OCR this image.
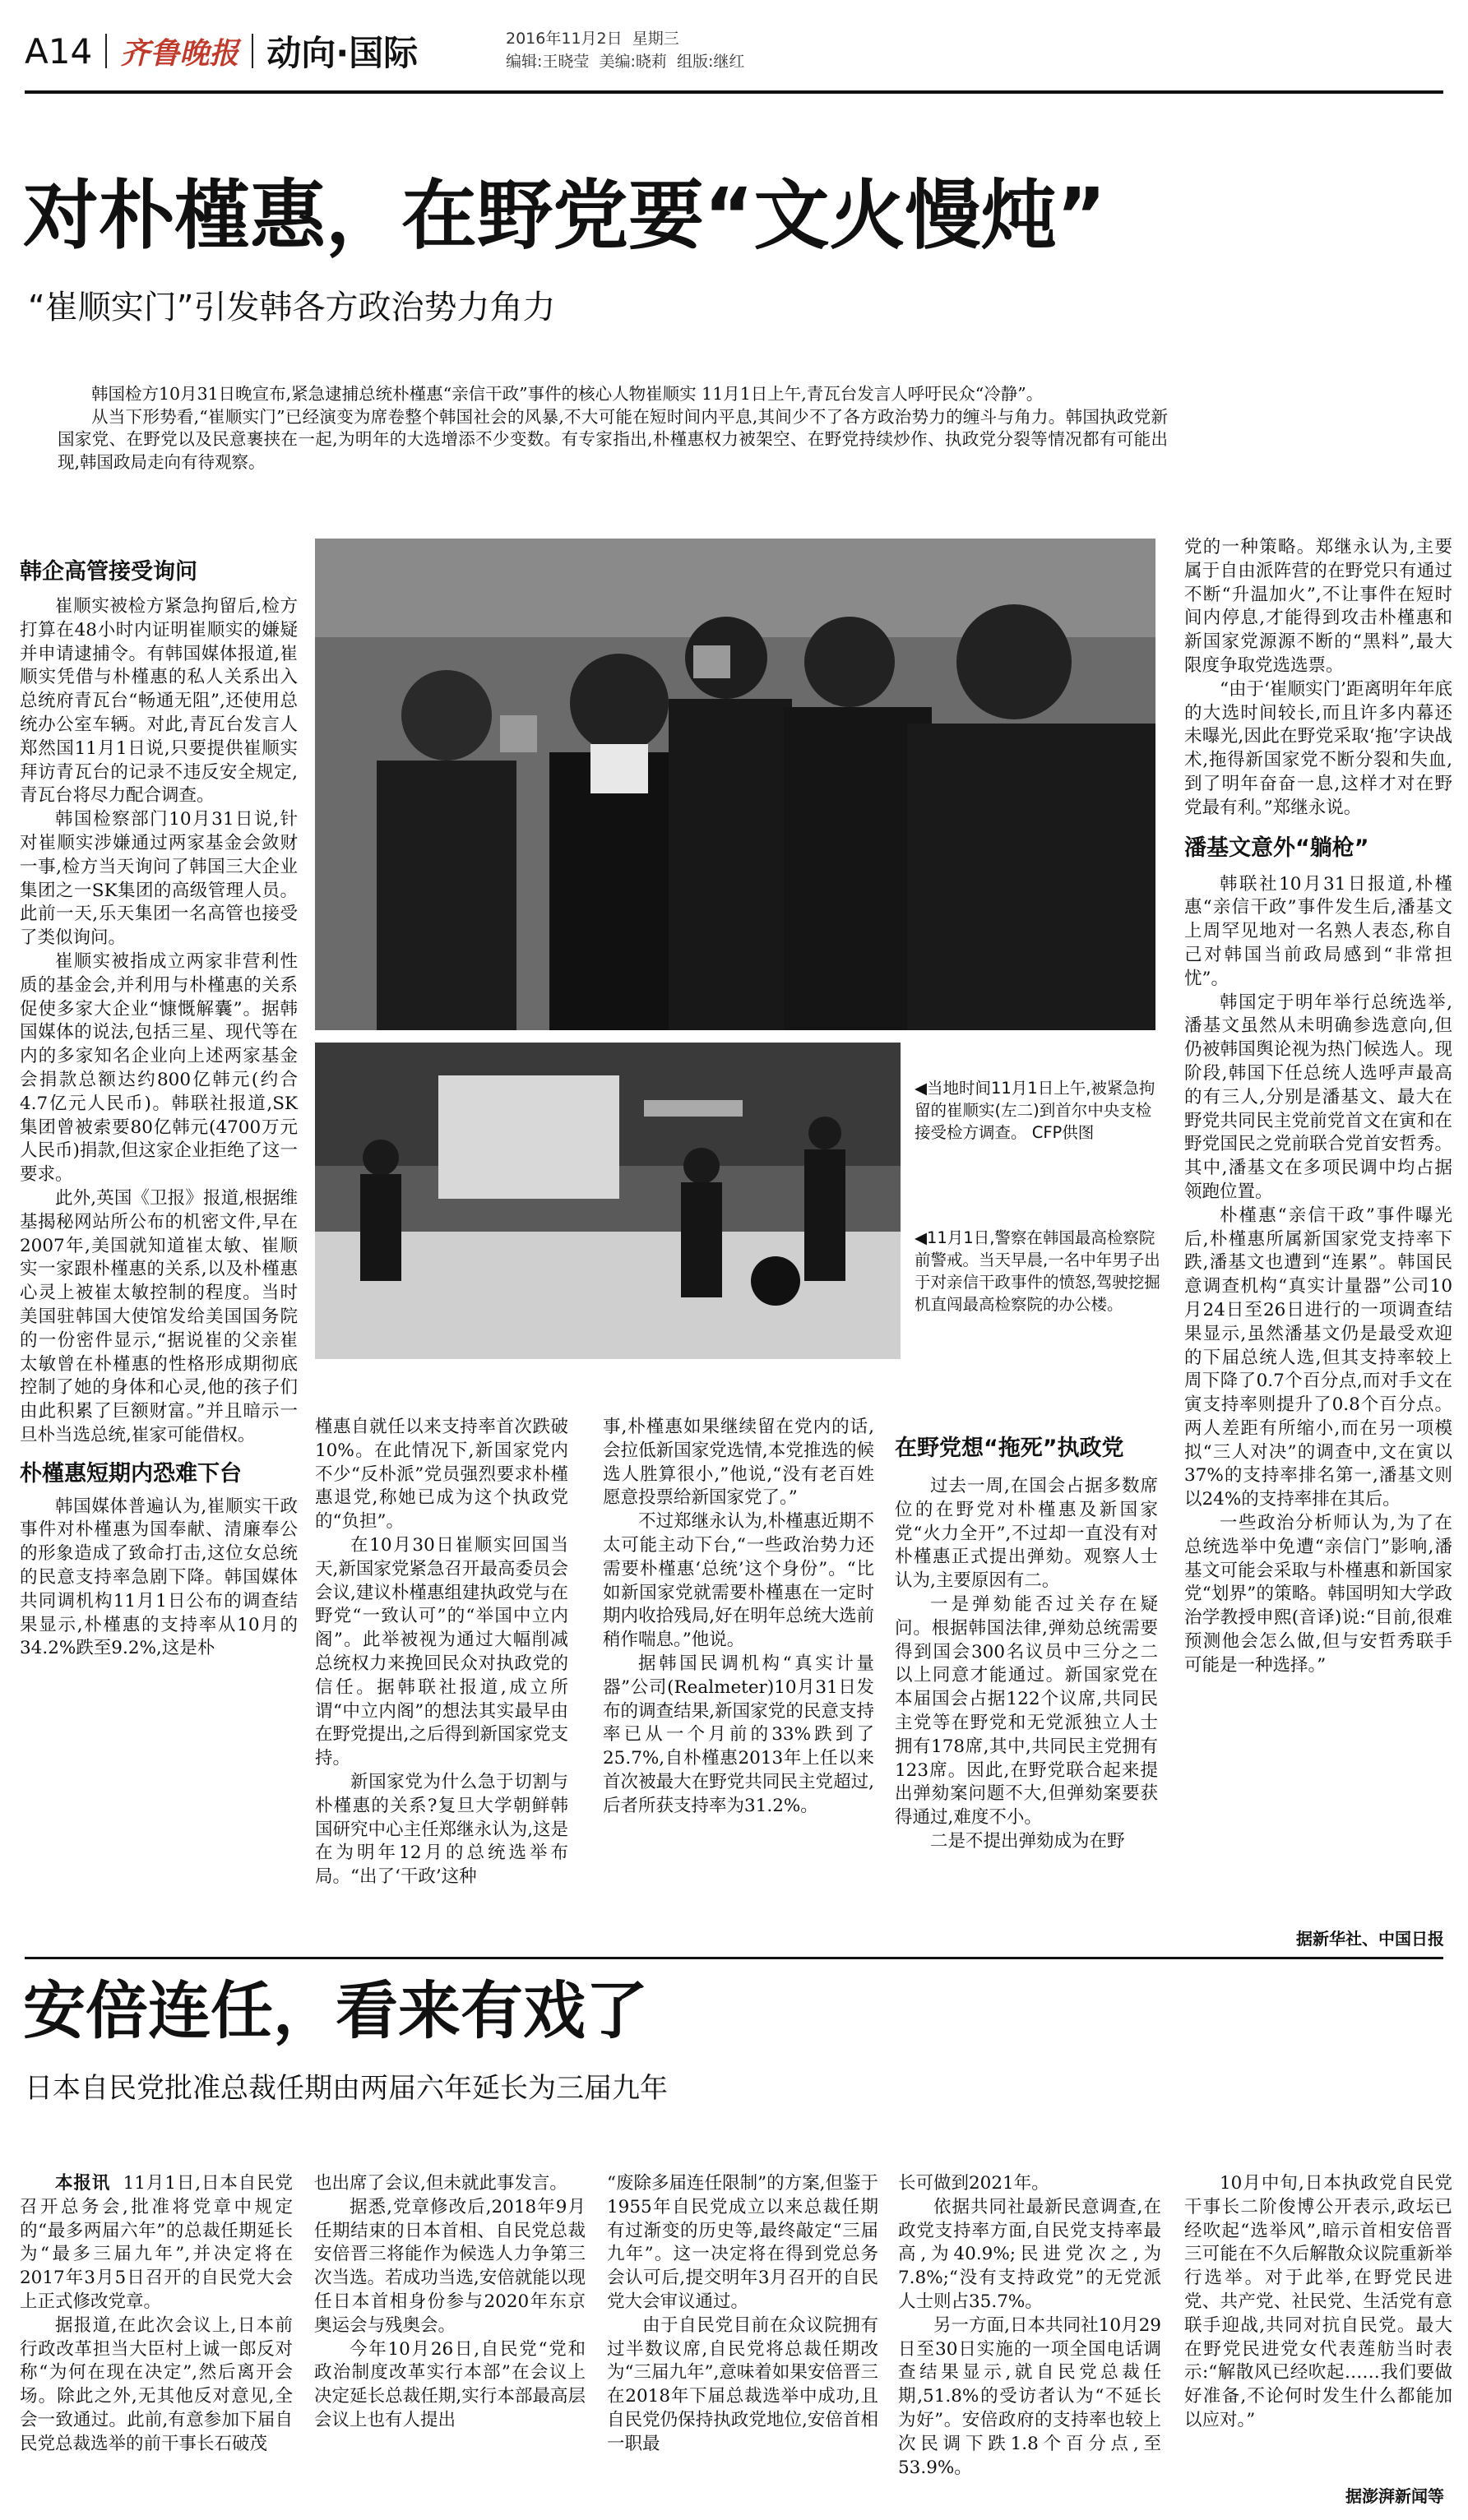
A14 齐鲁晚报 动向·国际	2016年11月2日 星期三
编辑:王晓莹 美编:晓莉 组版:继红
对朴槿惠，在野党要“文火慢炖”
“崔顺实门”引发韩各方政治势力角力

韩国检方10月31日晚宣布,紧急逮捕总统朴槿惠“亲信干政”事件的核心人物崔顺实 11月1日上午,青瓦台发言人呼吁民众“冷静”。

从当下形势看,“崔顺实门”已经演变为席卷整个韩国社会的风暴,不大可能在短时间内平息,其间少不了各方政治势力的缠斗与角力。韩国执政党新国家党、在野党以及民意裹挟在一起,为明年的大选增添不少变数。有专家指出,朴槿惠权力被架空、在野党持续炒作、执政党分裂等情况都有可能出现,韩国政局走向有待观察。

韩企高管接受询问

崔顺实被检方紧急拘留后,检方打算在48小时内证明崔顺实的嫌疑并申请逮捕令。有韩国媒体报道,崔顺实凭借与朴槿惠的私人关系出入总统府青瓦台“畅通无阻”,还使用总统办公室车辆。对此,青瓦台发言人郑然国11月1日说,只要提供崔顺实拜访青瓦台的记录不违反安全规定,青瓦台将尽力配合调查。

韩国检察部门10月31日说,针对崔顺实涉嫌通过两家基金会敛财一事,检方当天询问了韩国三大企业集团之一SK集团的高级管理人员。此前一天,乐天集团一名高管也接受了类似询问。

崔顺实被指成立两家非营利性质的基金会,并利用与朴槿惠的关系促使多家大企业“慷慨解囊”。据韩国媒体的说法,包括三星、现代等在内的多家知名企业向上述两家基金会捐款总额达约800亿韩元(约合4.7亿元人民币)。韩联社报道,SK集团曾被索要80亿韩元(4700万元人民币)捐款,但这家企业拒绝了这一要求。

此外,英国《卫报》报道,根据维基揭秘网站所公布的机密文件,早在2007年,美国就知道崔太敏、崔顺实一家跟朴槿惠的关系,以及朴槿惠心灵上被崔太敏控制的程度。当时美国驻韩国大使馆发给美国国务院的一份密件显示,“据说崔的父亲崔太敏曾在朴槿惠的性格形成期彻底控制了她的身体和心灵,他的孩子们由此积累了巨额财富。”并且暗示一旦朴当选总统,崔家可能借权。

朴槿惠短期内恐难下台

韩国媒体普遍认为,崔顺实干政事件对朴槿惠为国奉献、清廉奉公的形象造成了致命打击,这位女总统的民意支持率急剧下降。韩国媒体共同调机构11月1日公布的调查结果显示,朴槿惠的支持率从10月的34.2%跌至9.2%,这是朴

◀当地时间11月1日上午,被紧急拘留的崔顺实(左二)到首尔中央支检接受检方调查。 CFP供图
◀11月1日,警察在韩国最高检察院前警戒。当天早晨,一名中年男子出于对亲信干政事件的愤怒,驾驶挖掘机直闯最高检察院的办公楼。

槿惠自就任以来支持率首次跌破10%。在此情况下,新国家党内不少“反朴派”党员强烈要求朴槿惠退党,称她已成为这个执政党的“负担”。

在10月30日崔顺实回国当天,新国家党紧急召开最高委员会会议,建议朴槿惠组建执政党与在野党“一致认可”的“举国中立内阁”。此举被视为通过大幅削减总统权力来挽回民众对执政党的信任。据韩联社报道,成立所谓“中立内阁”的想法其实最早由在野党提出,之后得到新国家党支持。

新国家党为什么急于切割与朴槿惠的关系?复旦大学朝鲜韩国研究中心主任郑继永认为,这是在为明年12月的总统选举布局。“出了‘干政’这种

事,朴槿惠如果继续留在党内的话,会拉低新国家党选情,本党推选的候选人胜算很小,”他说,“没有老百姓愿意投票给新国家党了。”

不过郑继永认为,朴槿惠近期不太可能主动下台,“一些政治势力还需要朴槿惠‘总统’这个身份”。“比如新国家党就需要朴槿惠在一定时期内收拾残局,好在明年总统大选前稍作喘息。”他说。

据韩国民调机构“真实计量器”公司(Realmeter)10月31日发布的调查结果,新国家党的民意支持率已从一个月前的33%跌到了25.7%,自朴槿惠2013年上任以来首次被最大在野党共同民主党超过,后者所获支持率为31.2%。

在野党想“拖死”执政党

过去一周,在国会占据多数席位的在野党对朴槿惠及新国家党“火力全开”,不过却一直没有对朴槿惠正式提出弹劾。观察人士认为,主要原因有二。

一是弹劾能否过关存在疑问。根据韩国法律,弹劾总统需要得到国会300名议员中三分之二以上同意才能通过。新国家党在本届国会占据122个议席,共同民主党等在野党和无党派独立人士拥有178席,其中,共同民主党拥有123席。因此,在野党联合起来提出弹劾案问题不大,但弹劾案要获得通过,难度不小。

二是不提出弹劾成为在野

党的一种策略。郑继永认为,主要属于自由派阵营的在野党只有通过不断“升温加火”,不让事件在短时间内停息,才能得到攻击朴槿惠和新国家党源源不断的“黑料”,最大限度争取党选选票。

“由于‘崔顺实门’距离明年年底的大选时间较长,而且许多内幕还未曝光,因此在野党采取‘拖’字诀战术,拖得新国家党不断分裂和失血,到了明年奋奋一息,这样才对在野党最有利。”郑继永说。

潘基文意外“躺枪”

韩联社10月31日报道,朴槿惠“亲信干政”事件发生后,潘基文上周罕见地对一名熟人表态,称自己对韩国当前政局感到“非常担忧”。

韩国定于明年举行总统选举,潘基文虽然从未明确参选意向,但仍被韩国舆论视为热门候选人。现阶段,韩国下任总统人选呼声最高的有三人,分别是潘基文、最大在野党共同民主党前党首文在寅和在野党国民之党前联合党首安哲秀。其中,潘基文在多项民调中均占据领跑位置。

朴槿惠“亲信干政”事件曝光后,朴槿惠所属新国家党支持率下跌,潘基文也遭到“连累”。韩国民意调查机构“真实计量器”公司10月24日至26日进行的一项调查结果显示,虽然潘基文仍是最受欢迎的下届总统人选,但其支持率较上周下降了0.7个百分点,而对手文在寅支持率则提升了0.8个百分点。两人差距有所缩小,而在另一项模拟“三人对决”的调查中,文在寅以37%的支持率排名第一,潘基文则以24%的支持率排在其后。

一些政治分析师认为,为了在总统选举中免遭“亲信门”影响,潘基文可能会采取与朴槿惠和新国家党“划界”的策略。韩国明知大学政治学教授申熙(音译)说:“目前,很难预测他会怎么做,但与安哲秀联手可能是一种选择。”

据新华社、中国日报
安倍连任，看来有戏了
日本自民党批准总裁任期由两届六年延长为三届九年

本报讯 11月1日,日本自民党召开总务会,批准将党章中规定的“最多两届六年”的总裁任期延长为“最多三届九年”,并决定将在2017年3月5日召开的自民党大会上正式修改党章。

据报道,在此次会议上,日本前行政改革担当大臣村上诚一郎反对称“为何在现在决定”,然后离开会场。除此之外,无其他反对意见,全会一致通过。此前,有意参加下届自民党总裁选举的前干事长石破茂

也出席了会议,但未就此事发言。

据悉,党章修改后,2018年9月任期结束的日本首相、自民党总裁安倍晋三将能作为候选人力争第三次当选。若成功当选,安倍就能以现任日本首相身份参与2020年东京奥运会与残奥会。

今年10月26日,自民党“党和政治制度改革实行本部”在会议上决定延长总裁任期,实行本部最高层会议上也有人提出

“废除多届连任限制”的方案,但鉴于1955年自民党成立以来总裁任期有过渐变的历史等,最终敲定“三届九年”。这一决定将在得到党总务会认可后,提交明年3月召开的自民党大会审议通过。

由于自民党目前在众议院拥有过半数议席,自民党将总裁任期改为“三届九年”,意味着如果安倍晋三在2018年下届总裁选举中成功,且自民党仍保持执政党地位,安倍首相一职最

长可做到2021年。

依据共同社最新民意调查,在政党支持率方面,自民党支持率最高,为40.9%;民进党次之,为7.8%;“没有支持政党”的无党派人士则占35.7%。

另一方面,日本共同社10月29日至30日实施的一项全国电话调查结果显示,就自民党总裁任期,51.8%的受访者认为“不延长为好”。安倍政府的支持率也较上次民调下跌1.8个百分点,至53.9%。

10月中旬,日本执政党自民党干事长二阶俊博公开表示,政坛已经吹起“选举风”,暗示首相安倍晋三可能在不久后解散众议院重新举行选举。对于此举,在野党民进党、共产党、社民党、生活党有意联手迎战,共同对抗自民党。最大在野党民进党女代表莲舫当时表示:“解散风已经吹起……我们要做好准备,不论何时发生什么都能加以应对。”

据澎湃新闻等
